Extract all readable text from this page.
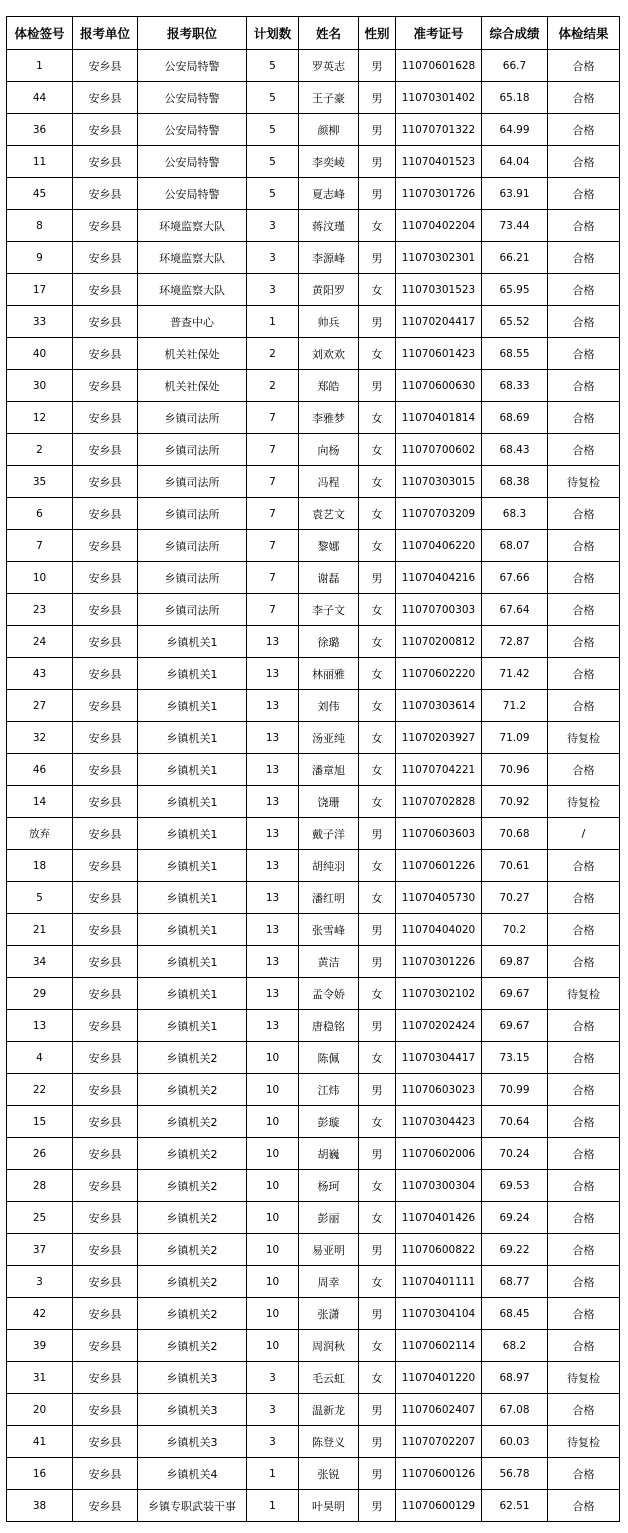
体检签号	报考单位	报考职位	计划数	姓名	性别	准考证号	综合成绩	体检结果
1	安乡县	公安局特警	5	罗英志	男	11070601628	66.7	合格
44	安乡县	公安局特警	5	王子豪	男	11070301402	65.18	合格
36	安乡县	公安局特警	5	颜柳	男	11070701322	64.99	合格
11	安乡县	公安局特警	5	李奕崚	男	11070401523	64.04	合格
45	安乡县	公安局特警	5	夏志峰	男	11070301726	63.91	合格
8	安乡县	环境监察大队	3	蒋汶瑾	女	11070402204	73.44	合格
9	安乡县	环境监察大队	3	李源峰	男	11070302301	66.21	合格
17	安乡县	环境监察大队	3	黄阳罗	女	11070301523	65.95	合格
33	安乡县	普查中心	1	帅兵	男	11070204417	65.52	合格
40	安乡县	机关社保处	2	刘欢欢	女	11070601423	68.55	合格
30	安乡县	机关社保处	2	郑皓	男	11070600630	68.33	合格
12	安乡县	乡镇司法所	7	李雅梦	女	11070401814	68.69	合格
2	安乡县	乡镇司法所	7	向杨	女	11070700602	68.43	合格
35	安乡县	乡镇司法所	7	冯程	女	11070303015	68.38	待复检
6	安乡县	乡镇司法所	7	袁艺文	女	11070703209	68.3	合格
7	安乡县	乡镇司法所	7	黎娜	女	11070406220	68.07	合格
10	安乡县	乡镇司法所	7	谢磊	男	11070404216	67.66	合格
23	安乡县	乡镇司法所	7	李子文	女	11070700303	67.64	合格
24	安乡县	乡镇机关1	13	徐璐	女	11070200812	72.87	合格
43	安乡县	乡镇机关1	13	林丽雅	女	11070602220	71.42	合格
27	安乡县	乡镇机关1	13	刘伟	女	11070303614	71.2	合格
32	安乡县	乡镇机关1	13	汤亚纯	女	11070203927	71.09	待复检
46	安乡县	乡镇机关1	13	潘章旭	女	11070704221	70.96	合格
14	安乡县	乡镇机关1	13	饶珊	女	11070702828	70.92	待复检
放弃	安乡县	乡镇机关1	13	戴子洋	男	11070603603	70.68	/
18	安乡县	乡镇机关1	13	胡纯羽	女	11070601226	70.61	合格
5	安乡县	乡镇机关1	13	潘红明	女	11070405730	70.27	合格
21	安乡县	乡镇机关1	13	张雪峰	男	11070404020	70.2	合格
34	安乡县	乡镇机关1	13	黄洁	男	11070301226	69.87	合格
29	安乡县	乡镇机关1	13	孟令娇	女	11070302102	69.67	待复检
13	安乡县	乡镇机关1	13	唐稳铭	男	11070202424	69.67	合格
4	安乡县	乡镇机关2	10	陈佩	女	11070304417	73.15	合格
22	安乡县	乡镇机关2	10	江炜	男	11070603023	70.99	合格
15	安乡县	乡镇机关2	10	彭璇	女	11070304423	70.64	合格
26	安乡县	乡镇机关2	10	胡巍	男	11070602006	70.24	合格
28	安乡县	乡镇机关2	10	杨珂	女	11070300304	69.53	合格
25	安乡县	乡镇机关2	10	彭丽	女	11070401426	69.24	合格
37	安乡县	乡镇机关2	10	易亚明	男	11070600822	69.22	合格
3	安乡县	乡镇机关2	10	周幸	女	11070401111	68.77	合格
42	安乡县	乡镇机关2	10	张潇	男	11070304104	68.45	合格
39	安乡县	乡镇机关2	10	周润秋	女	11070602114	68.2	合格
31	安乡县	乡镇机关3	3	毛云虹	女	11070401220	68.97	待复检
20	安乡县	乡镇机关3	3	温新龙	男	11070602407	67.08	合格
41	安乡县	乡镇机关3	3	陈登义	男	11070702207	60.03	待复检
16	安乡县	乡镇机关4	1	张锐	男	11070600126	56.78	合格
38	安乡县	乡镇专职武装干事	1	叶昊明	男	11070600129	62.51	合格
